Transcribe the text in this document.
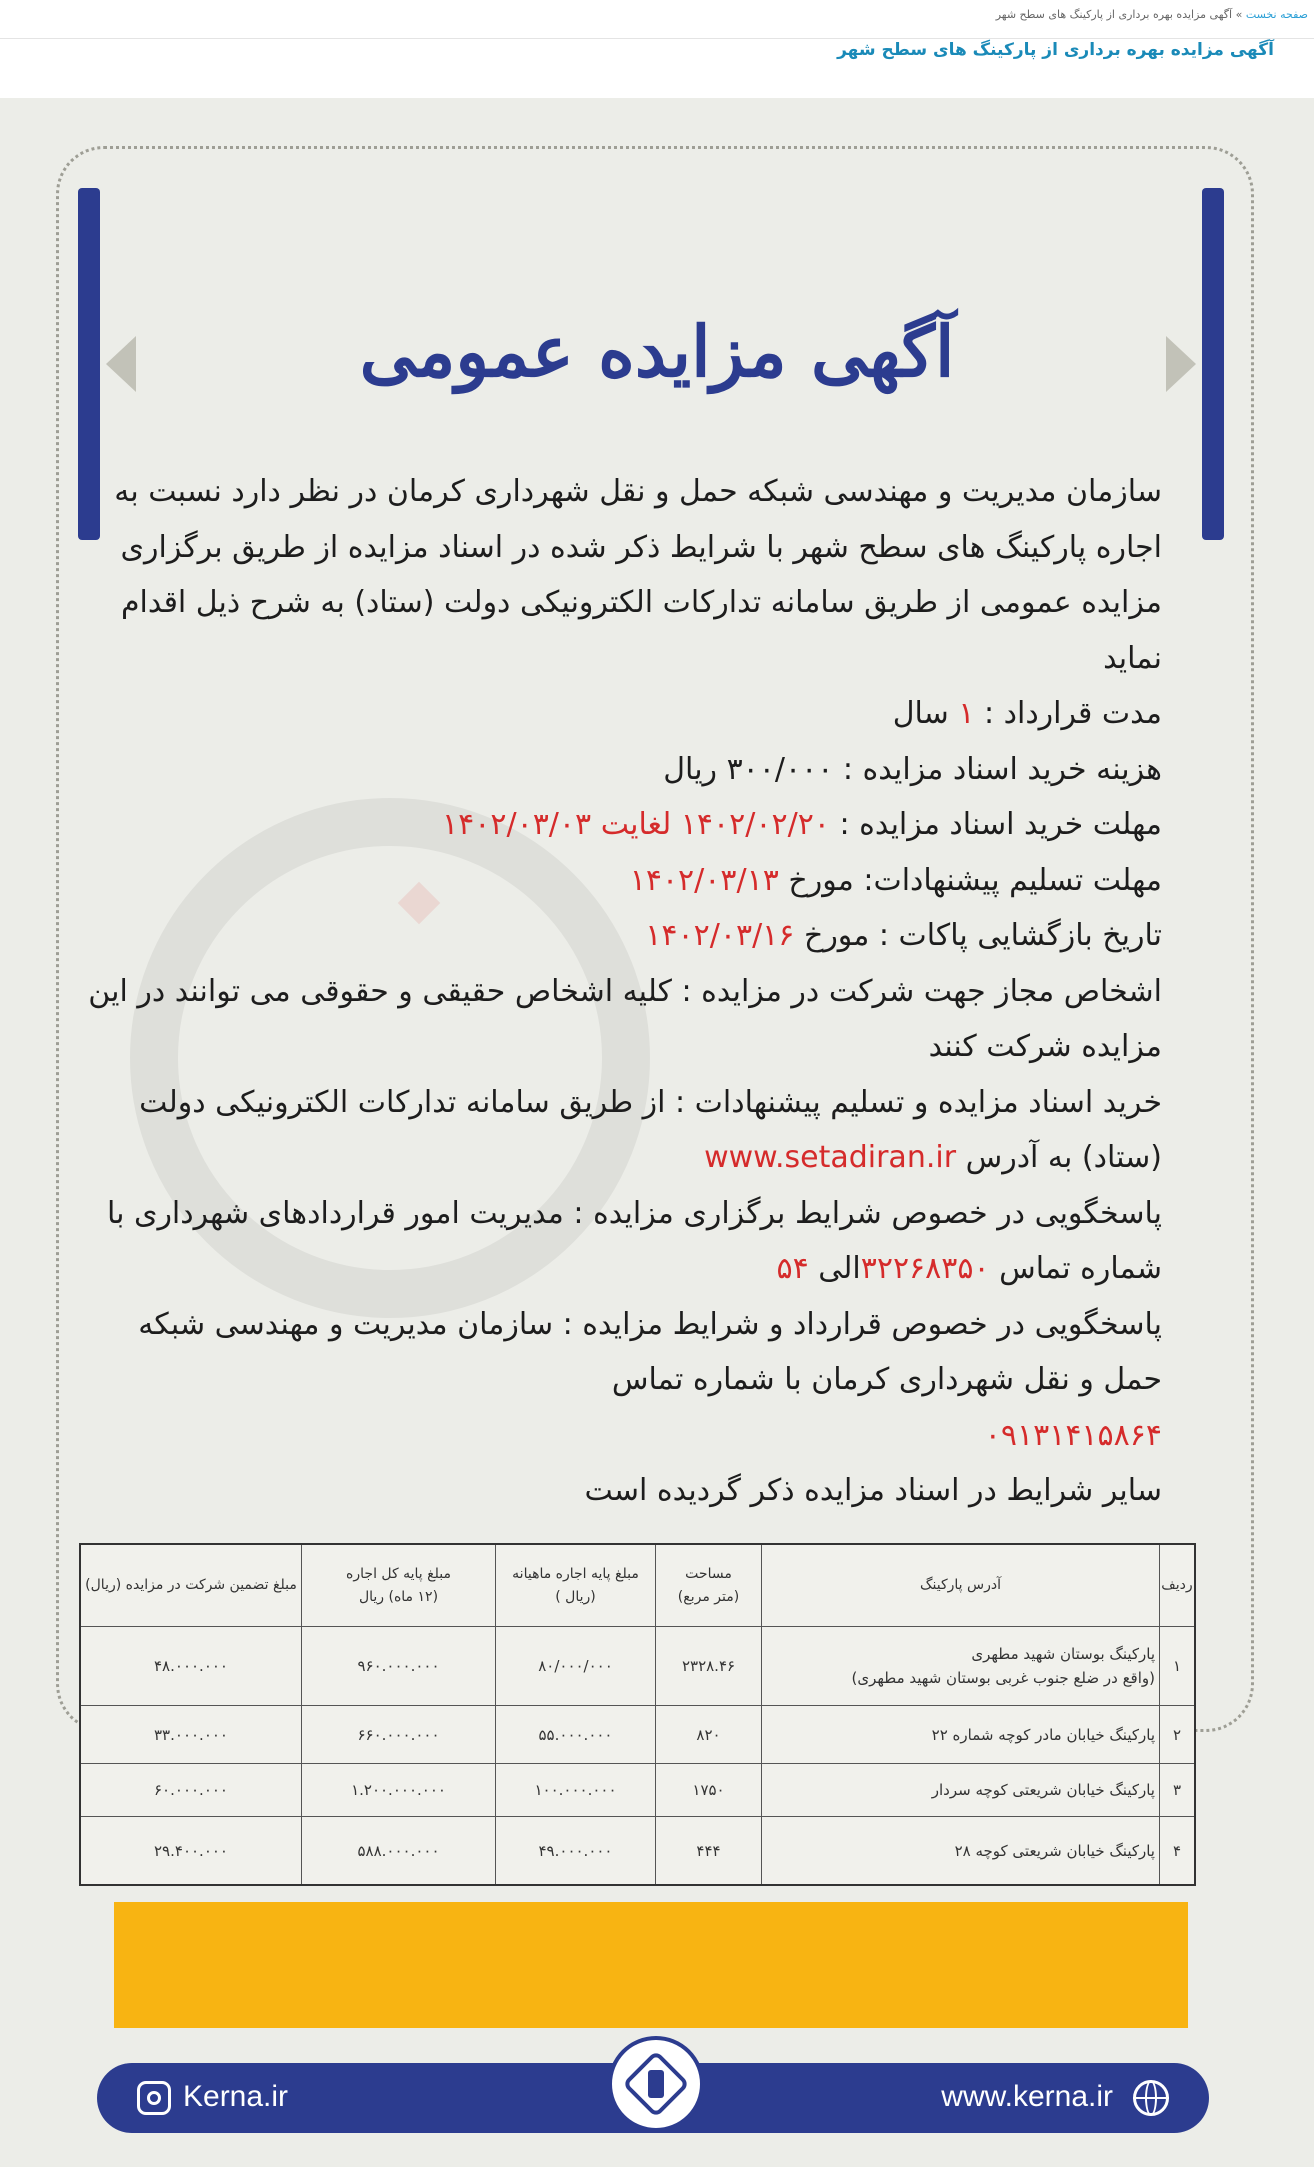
صفحه نخست » آگهی مزایده بهره برداری از پارکینگ های سطح شهر
آگهی مزایده بهره برداری از پارکینگ های سطح شهر
آگهی مزایده عمومی

سازمان مدیریت و مهندسی شبکه حمل و نقل شهرداری کرمان در نظر دارد نسبت به اجاره پارکینگ های سطح شهر با شرایط ذکر شده در اسناد مزایده از طریق برگزاری مزایده عمومی از طریق سامانه تدارکات الکترونیکی دولت (ستاد) به شرح ذیل اقدام نماید

مدت قرارداد : ۱ سال

هزینه خرید اسناد مزایده : ۳۰۰/۰۰۰ ریال

مهلت خرید اسناد مزایده : ۱۴۰۲/۰۲/۲۰ لغایت ۱۴۰۲/۰۳/۰۳

مهلت تسلیم پیشنهادات: مورخ ۱۴۰۲/۰۳/۱۳

تاریخ بازگشایی پاکات : مورخ ۱۴۰۲/۰۳/۱۶

اشخاص مجاز جهت شرکت در مزایده : کلیه اشخاص حقیقی و حقوقی می توانند در این مزایده شرکت کنند

خرید اسناد مزایده و تسلیم پیشنهادات : از طریق سامانه تدارکات الکترونیکی دولت (ستاد) به آدرس www.setadiran.ir

پاسخگویی در خصوص شرایط برگزاری مزایده : مدیریت امور قراردادهای شهرداری با شماره تماس ۳۲۲۶۸۳۵۰الی ۵۴

پاسخگویی در خصوص قرارداد و شرایط مزایده : سازمان مدیریت و مهندسی شبکه حمل و نقل شهرداری کرمان با شماره تماس

۰۹۱۳۱۴۱۵۸۶۴

سایر شرایط در اسناد مزایده ذکر گردیده است

ردیف
آدرس پارکینگ
مساحت
(متر مربع)
مبلغ پایه اجاره ماهیانه
(ریال )
مبلغ پایه کل اجاره
(۱۲ ماه) ریال
مبلغ تضمین شرکت در مزایده (ریال)
۱
پارکینگ بوستان شهید مطهری
(واقع در ضلع جنوب غربی بوستان شهید مطهری)
۲۳۲۸.۴۶
۸۰/۰۰۰/۰۰۰
۹۶۰.۰۰۰.۰۰۰
۴۸.۰۰۰.۰۰۰
۲
پارکینگ خیابان مادر کوچه شماره ۲۲
۸۲۰
۵۵.۰۰۰.۰۰۰
۶۶۰.۰۰۰.۰۰۰
۳۳.۰۰۰.۰۰۰
۳
پارکینگ خیابان شریعتی کوچه سردار
۱۷۵۰
۱۰۰.۰۰۰.۰۰۰
۱.۲۰۰.۰۰۰.۰۰۰
۶۰.۰۰۰.۰۰۰
۴
پارکینگ خیابان شریعتی کوچه ۲۸
۴۴۴
۴۹.۰۰۰.۰۰۰
۵۸۸.۰۰۰.۰۰۰
۲۹.۴۰۰.۰۰۰
Kerna.ir	www.kerna.ir
